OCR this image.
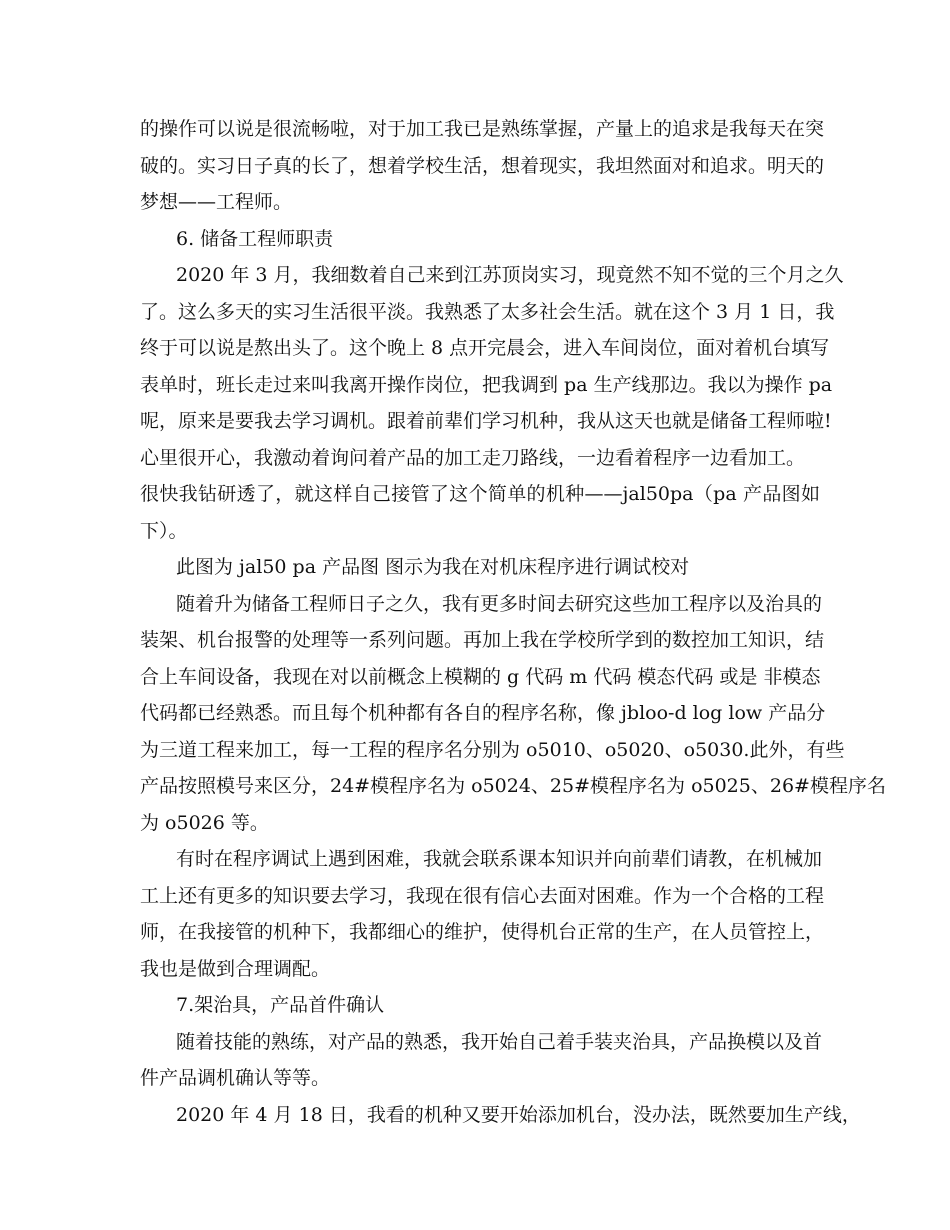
的操作可以说是很流畅啦，对于加工我已是熟练掌握，产量上的追求是我每天在突
破的。实习日子真的长了，想着学校生活，想着现实，我坦然面对和追求。明天的
梦想——工程师。
6. 储备工程师职责
2020 年 3 月，我细数着自己来到江苏顶岗实习，现竟然不知不觉的三个月之久
了。这么多天的实习生活很平淡。我熟悉了太多社会生活。就在这个 3 月 1 日，我
终于可以说是熬出头了。这个晚上 8 点开完晨会，进入车间岗位，面对着机台填写
表单时，班长走过来叫我离开操作岗位，把我调到 pa 生产线那边。我以为操作 pa
呢，原来是要我去学习调机。跟着前辈们学习机种，我从这天也就是储备工程师啦!
心里很开心，我激动着询问着产品的加工走刀路线，一边看着程序一边看加工。
很快我钻研透了，就这样自己接管了这个简单的机种——jal50pa（pa 产品图如
下）。
此图为 jal50 pa 产品图 图示为我在对机床程序进行调试校对
随着升为储备工程师日子之久，我有更多时间去研究这些加工程序以及治具的
装架、机台报警的处理等一系列问题。再加上我在学校所学到的数控加工知识，结
合上车间设备，我现在对以前概念上模糊的 g 代码 m 代码 模态代码 或是 非模态
代码都已经熟悉。而且每个机种都有各自的程序名称，像 jbloo-d log low 产品分
为三道工程来加工，每一工程的程序名分别为 o5010、o5020、o5030.此外，有些
产品按照模号来区分，24#模程序名为 o5024、25#模程序名为 o5025、26#模程序名
为 o5026 等。
有时在程序调试上遇到困难，我就会联系课本知识并向前辈们请教，在机械加
工上还有更多的知识要去学习，我现在很有信心去面对困难。作为一个合格的工程
师，在我接管的机种下，我都细心的维护，使得机台正常的生产，在人员管控上，
我也是做到合理调配。
7.架治具，产品首件确认
随着技能的熟练，对产品的熟悉，我开始自己着手装夹治具，产品换模以及首
件产品调机确认等等。
2020 年 4 月 18 日，我看的机种又要开始添加机台，没办法，既然要加生产线，
